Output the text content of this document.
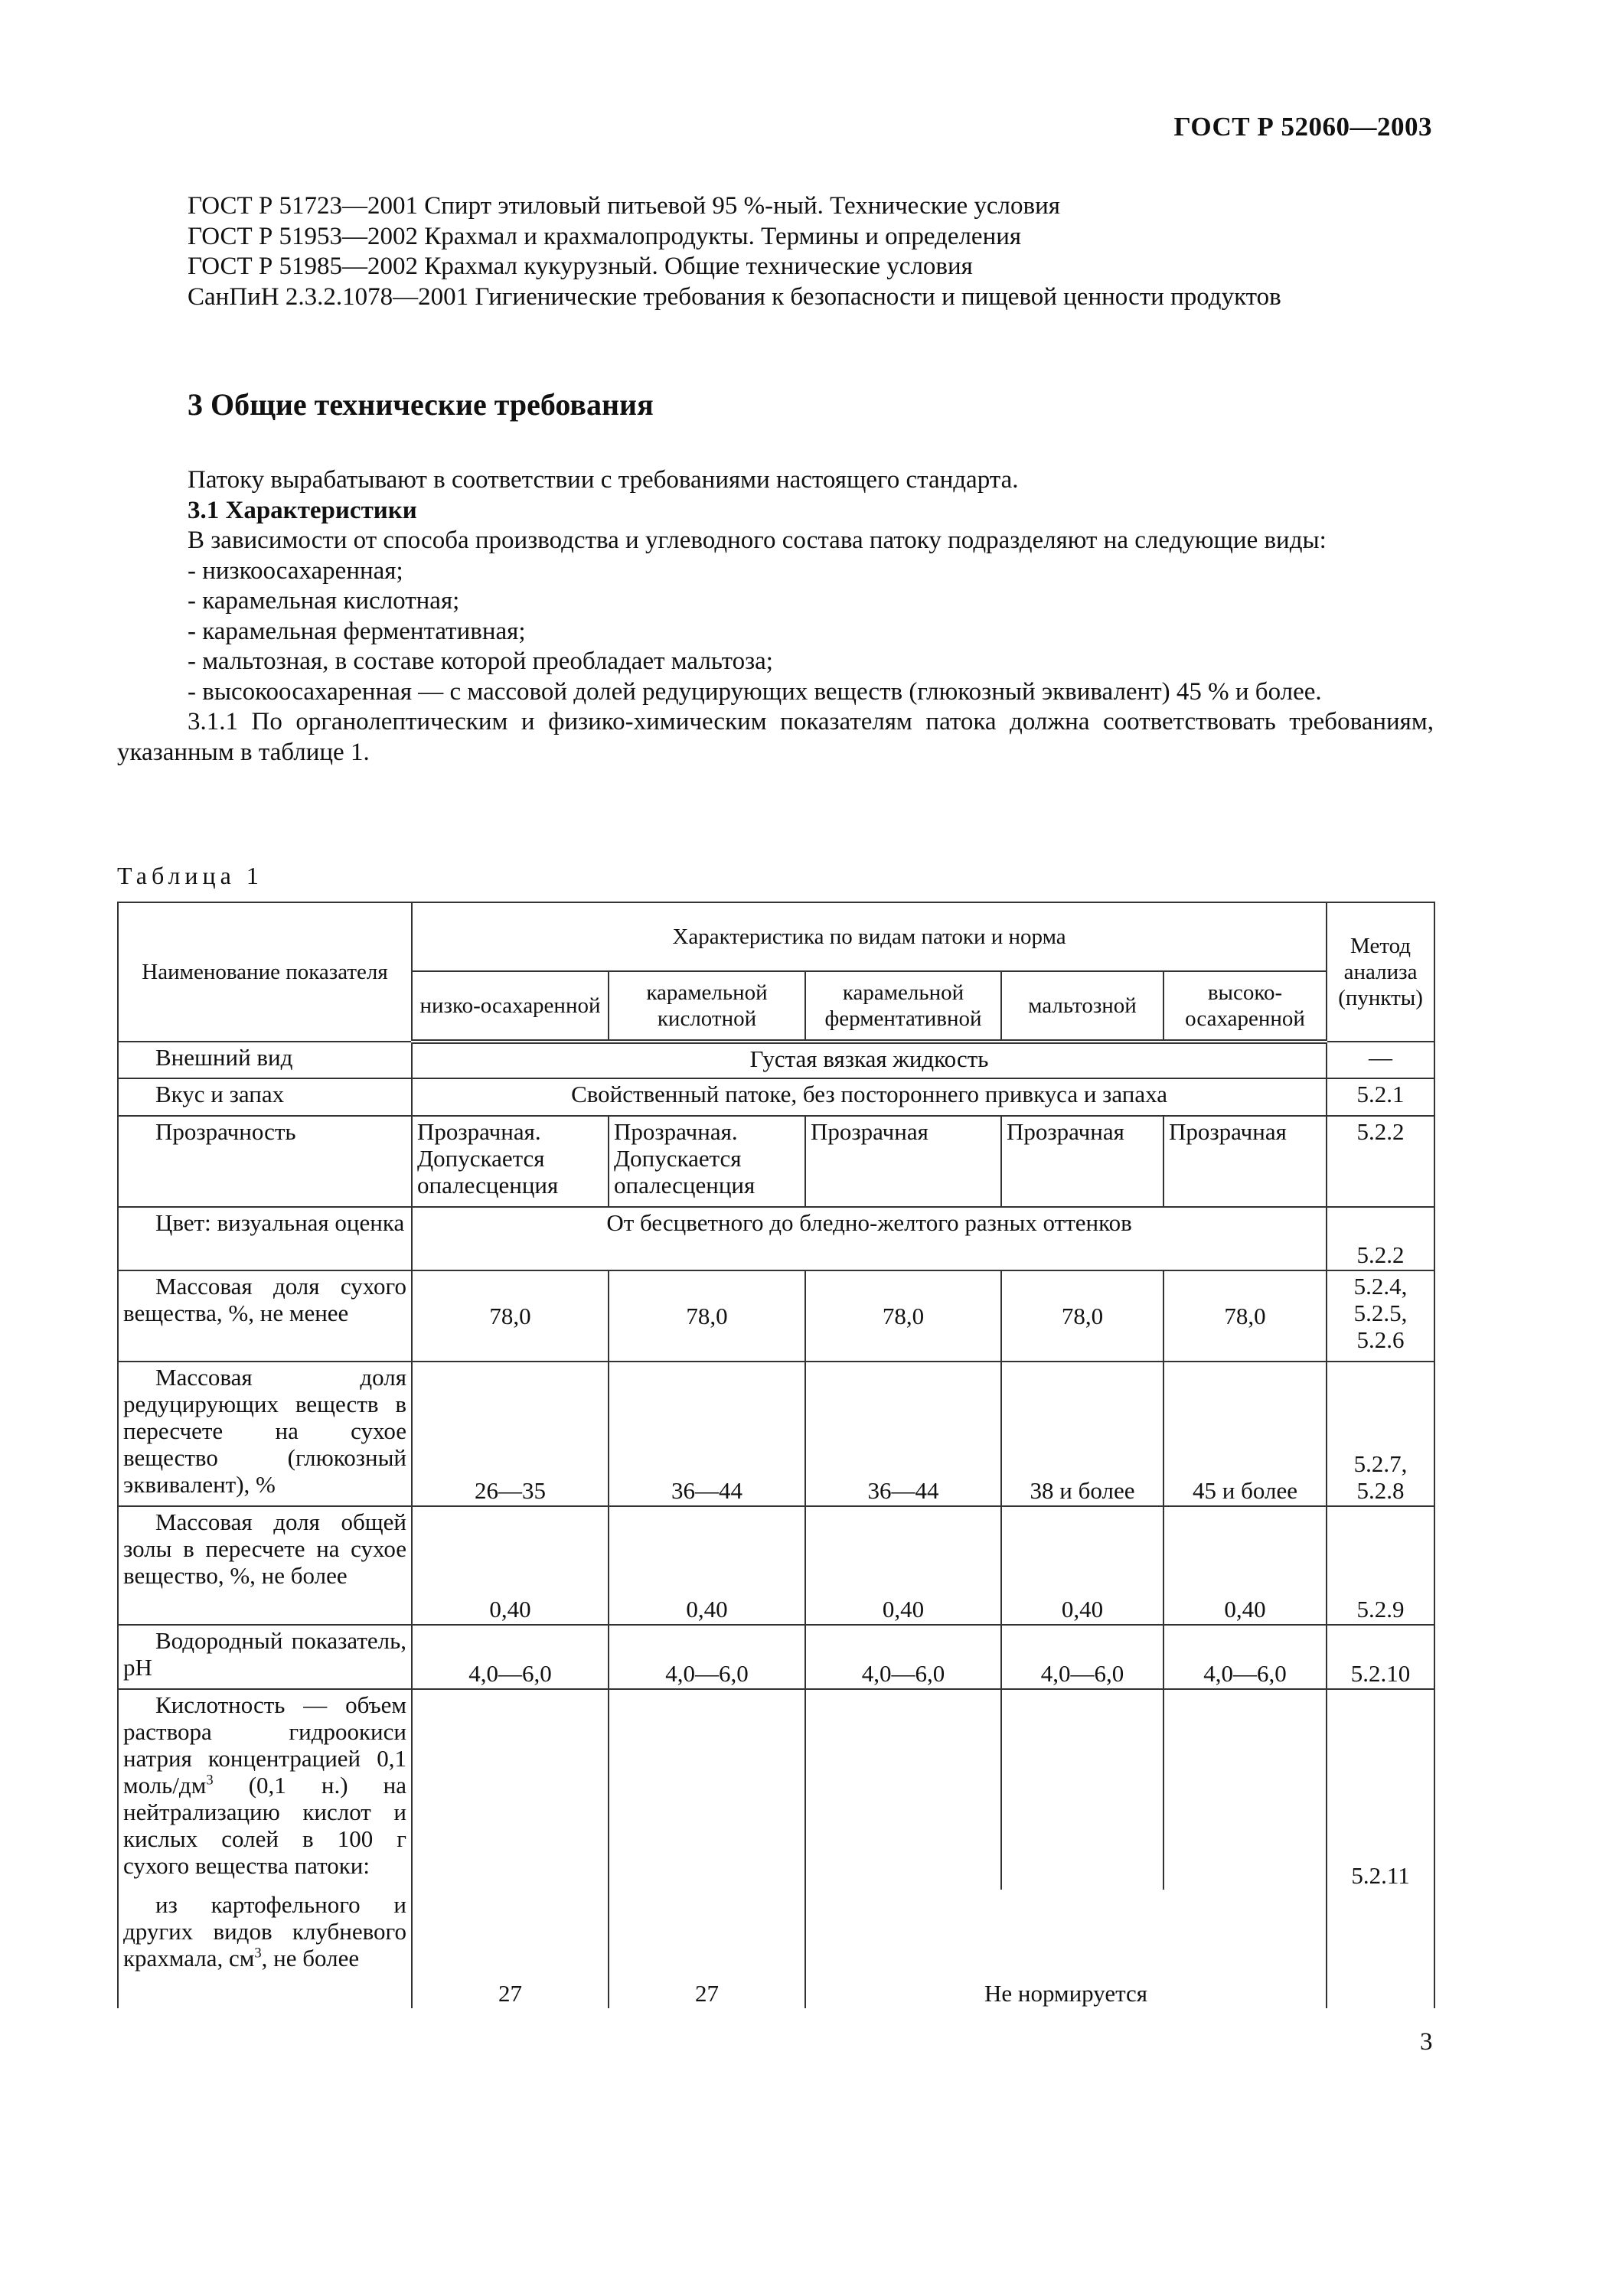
ГОСТ Р 52060—2003

ГОСТ Р 51723—2001 Спирт этиловый питьевой 95 %-ный. Технические условия

ГОСТ Р 51953—2002 Крахмал и крахмалопродукты. Термины и определения

ГОСТ Р 51985—2002 Крахмал кукурузный. Общие технические условия

СанПиН 2.3.2.1078—2001 Гигиенические требования к безопасности и пищевой ценности продуктов

3 Общие технические требования

Патоку вырабатывают в соответствии с требованиями настоящего стандарта.

3.1 Характеристики

В зависимости от способа производства и углеводного состава патоку подразделяют на следующие виды:

- низкоосахаренная;

- карамельная кислотная;

- карамельная ферментативная;

- мальтозная, в составе которой преобладает мальтоза;

- высокоосахаренная — с массовой долей редуцирующих веществ (глюкозный эквивалент) 45 % и более.

3.1.1 По органолептическим и физико-химическим показателям патока должна соответствовать требованиям, указанным в таблице 1.

Таблица 1
Наименование показателя	Характеристика по видам патоки и норма					Метод анализа (пункты)
	низко-осахаренной	карамельной кислотной	карамельной ферментативной	мальтозной	высоко-осахаренной	
Внешний вид	Густая вязкая жидкость					—
Вкус и запах	Свойственный патоке, без постороннего привкуса и запаха					5.2.1
Прозрачность	Прозрачная. Допускается опалесценция	Прозрачная. Допускается опалесценция	Прозрачная	Прозрачная	Прозрачная	5.2.2
Цвет: визуальная оценка	От бесцветного до бледно-желтого разных оттенков					5.2.2
Массовая доля сухого вещества, %, не менее	78,0	78,0	78,0	78,0	78,0	5.2.4, 5.2.5, 5.2.6
Массовая доля редуцирующих веществ в пересчете на сухое вещество (глюкозный эквивалент), %	26—35	36—44	36—44	38 и более	45 и более	5.2.7, 5.2.8
Массовая доля общей золы в пересчете на сухое вещество, %, не более	0,40	0,40	0,40	0,40	0,40	5.2.9
Водородный показатель, pH	4,0—6,0	4,0—6,0	4,0—6,0	4,0—6,0	4,0—6,0	5.2.10
Кислотность — объем раствора гидроокиси натрия концентрацией 0,1 моль/$дм^3$ (0,1 н.) на нейтрализацию кислот и кислых солей в 100 г сухого вещества патоки:						5.2.11
из картофельного и других видов клубневого крахмала, $см^3$, не более	27	27	Не нормируется			
3
